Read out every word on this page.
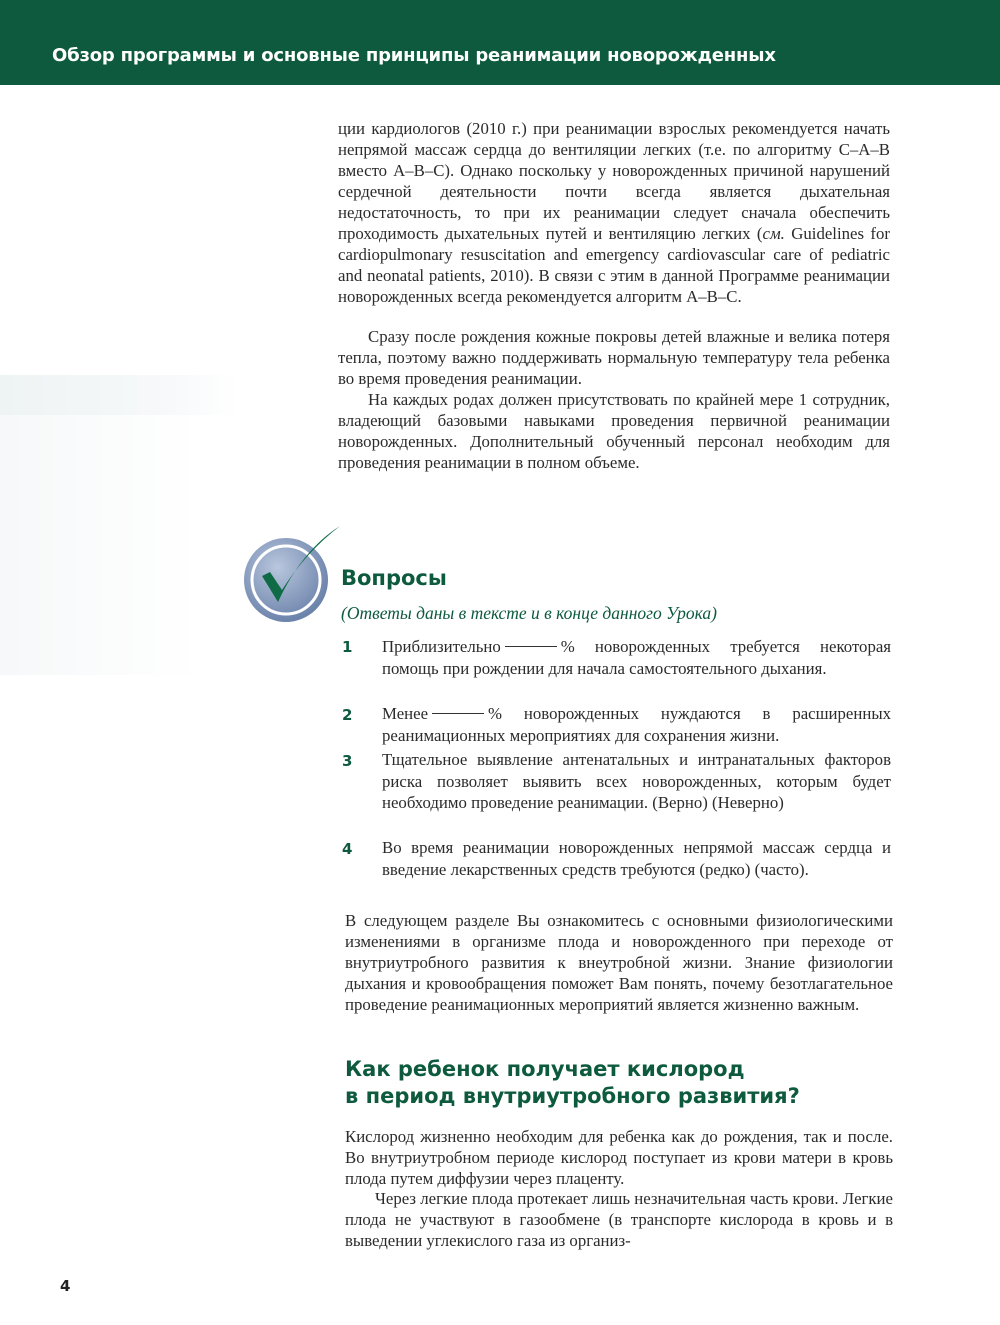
Обзор программы и основные принципы реанимации новорожденных

ции кардиологов (2010 г.) при реанимации взрослых рекомендуется начать непрямой массаж сердца до вентиляции легких (т.е. по алгоритму С–А–В вместо А–В–С). Однако поскольку у новорожденных причиной нарушений сердечной деятельности почти всегда является дыхательная недостаточность, то при их реанимации следует сначала обеспечить проходимость дыхательных путей и вентиляцию легких (см. Guidelines for cardiopulmonary resuscitation and emergency cardiovascular care of pediatric and neonatal patients, 2010). В связи с этим в данной Программе реанимации новорожденных всегда рекомендуется алгоритм А–В–С.

Сразу после рождения кожные покровы детей влажные и велика потеря тепла, поэтому важно поддерживать нормальную температуру тела ребенка во время проведения реанимации.

На каждых родах должен присутствовать по крайней мере 1 сотрудник, владеющий базовыми навыками проведения первичной реанимации новорожденных. Дополнительный обученный персонал необходим для проведения реанимации в полном объеме.

Вопросы

(Ответы даны в тексте и в конце данного Урока)

1 Приблизительно	% новорожденных требуется некоторая помощь при рождении для начала самостоятельного дыхания.

2 Менее	% новорожденных нуждаются в расширенных реанимационных мероприятиях для сохранения жизни.

3 Тщательное выявление антенатальных и интранатальных факторов риска позволяет выявить всех новорожденных, которым будет необходимо проведение реанимации. (Верно) (Неверно)

4 Во время реанимации новорожденных непрямой массаж сердца и введение лекарственных средств требуются (редко) (часто).

В следующем разделе Вы ознакомитесь с основными физиологическими изменениями в организме плода и новорожденного при переходе от внутриутробного развития к внеутробной жизни. Знание физиологии дыхания и кровообращения поможет Вам понять, почему безотлагательное проведение реанимационных мероприятий является жизненно важным.

Как ребенок получает кислород
в период внутриутробного развития?

Кислород жизненно необходим для ребенка как до рождения, так и после. Во внутриутробном периоде кислород поступает из крови матери в кровь плода путем диффузии через плаценту.

Через легкие плода протекает лишь незначительная часть крови. Легкие плода не участвуют в газообмене (в транспорте кислорода в кровь и в выведении углекислого газа из организ-

4
